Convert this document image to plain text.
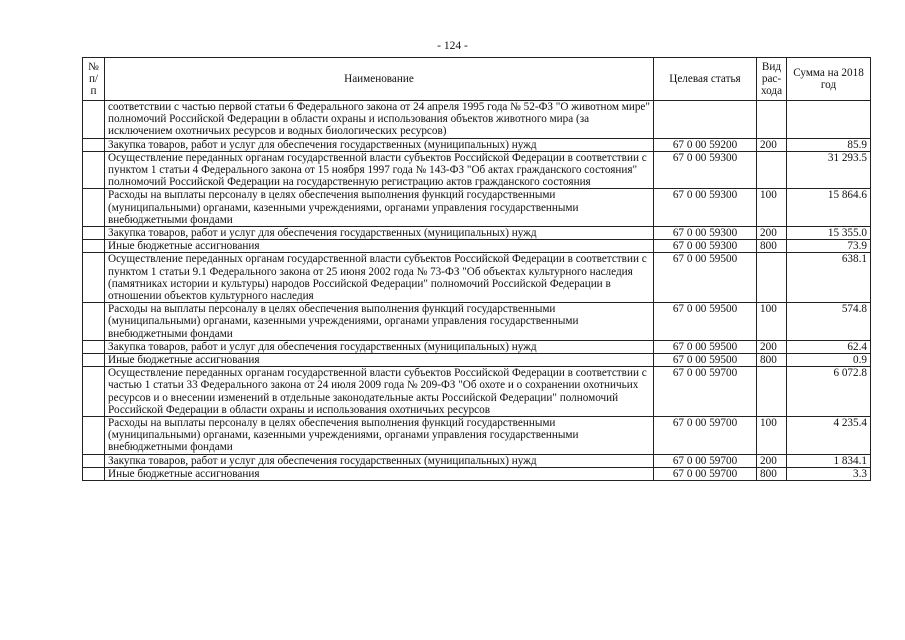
- 124 -
№ п/п	Наименование	Целевая статья	Вид рас-хода	Сумма на 2018 год
	соответствии с частью первой статьи 6 Федерального закона от 24 апреля 1995 года № 52-ФЗ "О животном мире" полномочий Российской Федерации в области охраны и использования объектов животного мира (за исключением охотничьих ресурсов и водных биологических ресурсов)			
	Закупка товаров, работ и услуг для обеспечения государственных (муниципальных) нужд	67 0 00 59200	200	85.9
	Осуществление переданных органам государственной власти субъектов Российской Федерации в соответствии с пунктом 1 статьи 4 Федерального закона от 15 ноября 1997 года № 143-ФЗ "Об актах гражданского состояния" полномочий Российской Федерации на государственную регистрацию актов гражданского состояния	67 0 00 59300		31 293.5
	Расходы на выплаты персоналу в целях обеспечения выполнения функций государственными (муниципальными) органами, казенными учреждениями, органами управления государственными внебюджетными фондами	67 0 00 59300	100	15 864.6
	Закупка товаров, работ и услуг для обеспечения государственных (муниципальных) нужд	67 0 00 59300	200	15 355.0
	Иные бюджетные ассигнования	67 0 00 59300	800	73.9
	Осуществление переданных органам государственной власти субъектов Российской Федерации в соответствии с пунктом 1 статьи 9.1 Федерального закона от 25 июня 2002 года № 73-ФЗ "Об объектах культурного наследия (памятниках истории и культуры) народов Российской Федерации" полномочий Российской Федерации в отношении объектов культурного наследия	67 0 00 59500		638.1
	Расходы на выплаты персоналу в целях обеспечения выполнения функций государственными (муниципальными) органами, казенными учреждениями, органами управления государственными внебюджетными фондами	67 0 00 59500	100	574.8
	Закупка товаров, работ и услуг для обеспечения государственных (муниципальных) нужд	67 0 00 59500	200	62.4
	Иные бюджетные ассигнования	67 0 00 59500	800	0.9
	Осуществление переданных органам государственной власти субъектов Российской Федерации в соответствии с частью 1 статьи 33 Федерального закона от 24 июля 2009 года № 209-ФЗ "Об охоте и о сохранении охотничьих ресурсов и о внесении изменений в отдельные законодательные акты Российской Федерации" полномочий Российской Федерации в области охраны и использования охотничьих ресурсов	67 0 00 59700		6 072.8
	Расходы на выплаты персоналу в целях обеспечения выполнения функций государственными (муниципальными) органами, казенными учреждениями, органами управления государственными внебюджетными фондами	67 0 00 59700	100	4 235.4
	Закупка товаров, работ и услуг для обеспечения государственных (муниципальных) нужд	67 0 00 59700	200	1 834.1
	Иные бюджетные ассигнования	67 0 00 59700	800	3.3
